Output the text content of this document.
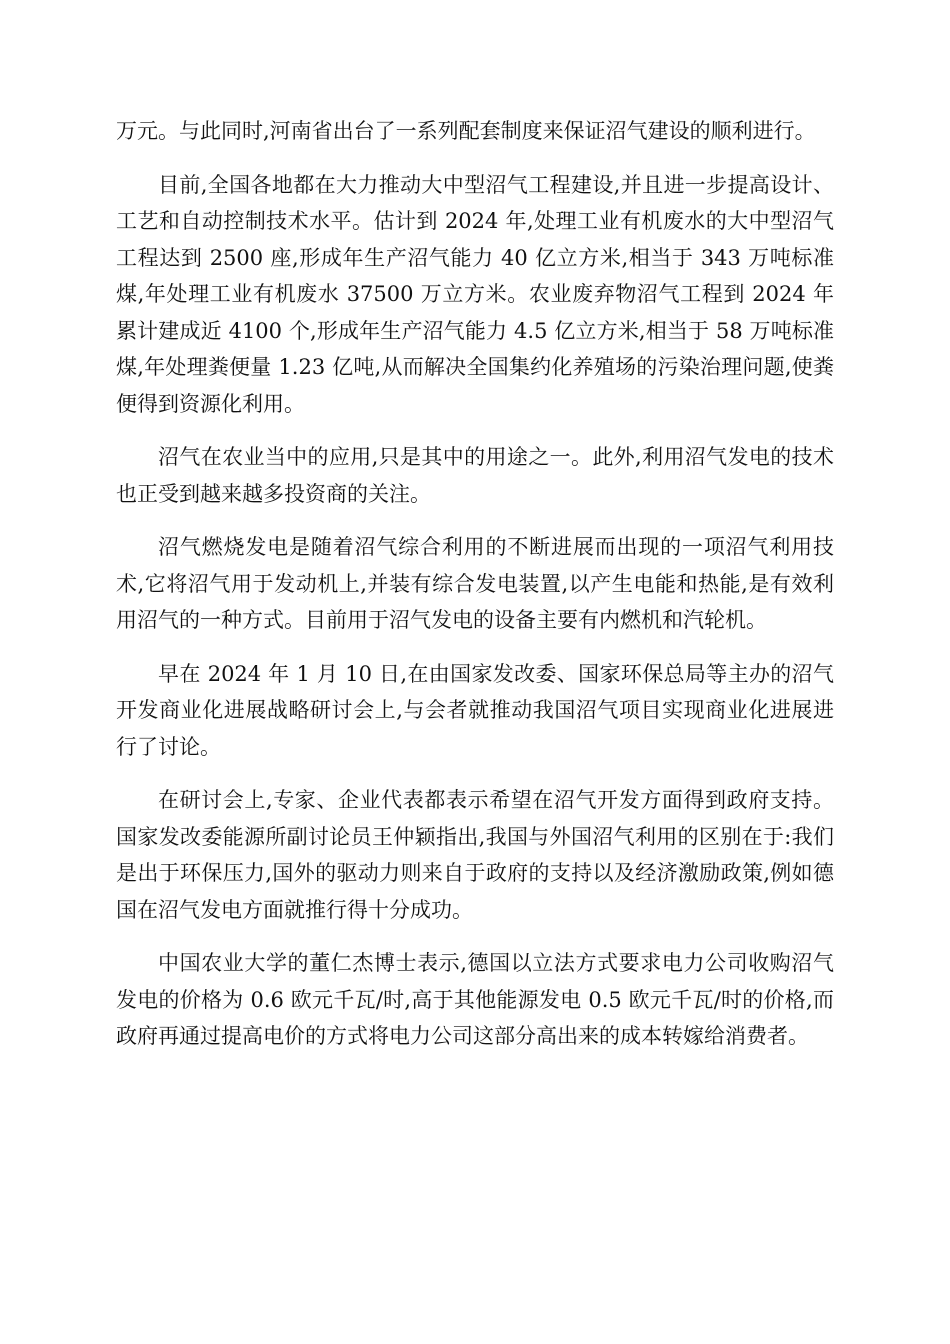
万元。与此同时,河南省出台了一系列配套制度来保证沼气建设的顺利进行。

目前,全国各地都在大力推动大中型沼气工程建设,并且进一步提高设计、工艺和自动控制技术水平。估计到 2024 年,处理工业有机废水的大中型沼气工程达到 2500 座,形成年生产沼气能力 40 亿立方米,相当于 343 万吨标准煤,年处理工业有机废水 37500 万立方米。农业废弃物沼气工程到 2024 年累计建成近 4100 个,形成年生产沼气能力 4.5 亿立方米,相当于 58 万吨标准煤,年处理粪便量 1.23 亿吨,从而解决全国集约化养殖场的污染治理问题,使粪便得到资源化利用。

沼气在农业当中的应用,只是其中的用途之一。此外,利用沼气发电的技术也正受到越来越多投资商的关注。

沼气燃烧发电是随着沼气综合利用的不断进展而出现的一项沼气利用技术,它将沼气用于发动机上,并装有综合发电装置,以产生电能和热能,是有效利用沼气的一种方式。目前用于沼气发电的设备主要有内燃机和汽轮机。

早在 2024 年 1 月 10 日,在由国家发改委、国家环保总局等主办的沼气开发商业化进展战略研讨会上,与会者就推动我国沼气项目实现商业化进展进行了讨论。

在研讨会上,专家、企业代表都表示希望在沼气开发方面得到政府支持。国家发改委能源所副讨论员王仲颖指出,我国与外国沼气利用的区别在于:我们是出于环保压力,国外的驱动力则来自于政府的支持以及经济激励政策,例如德国在沼气发电方面就推行得十分成功。

中国农业大学的董仁杰博士表示,德国以立法方式要求电力公司收购沼气发电的价格为 0.6 欧元千瓦/时,高于其他能源发电 0.5 欧元千瓦/时的价格,而政府再通过提高电价的方式将电力公司这部分高出来的成本转嫁给消费者。
